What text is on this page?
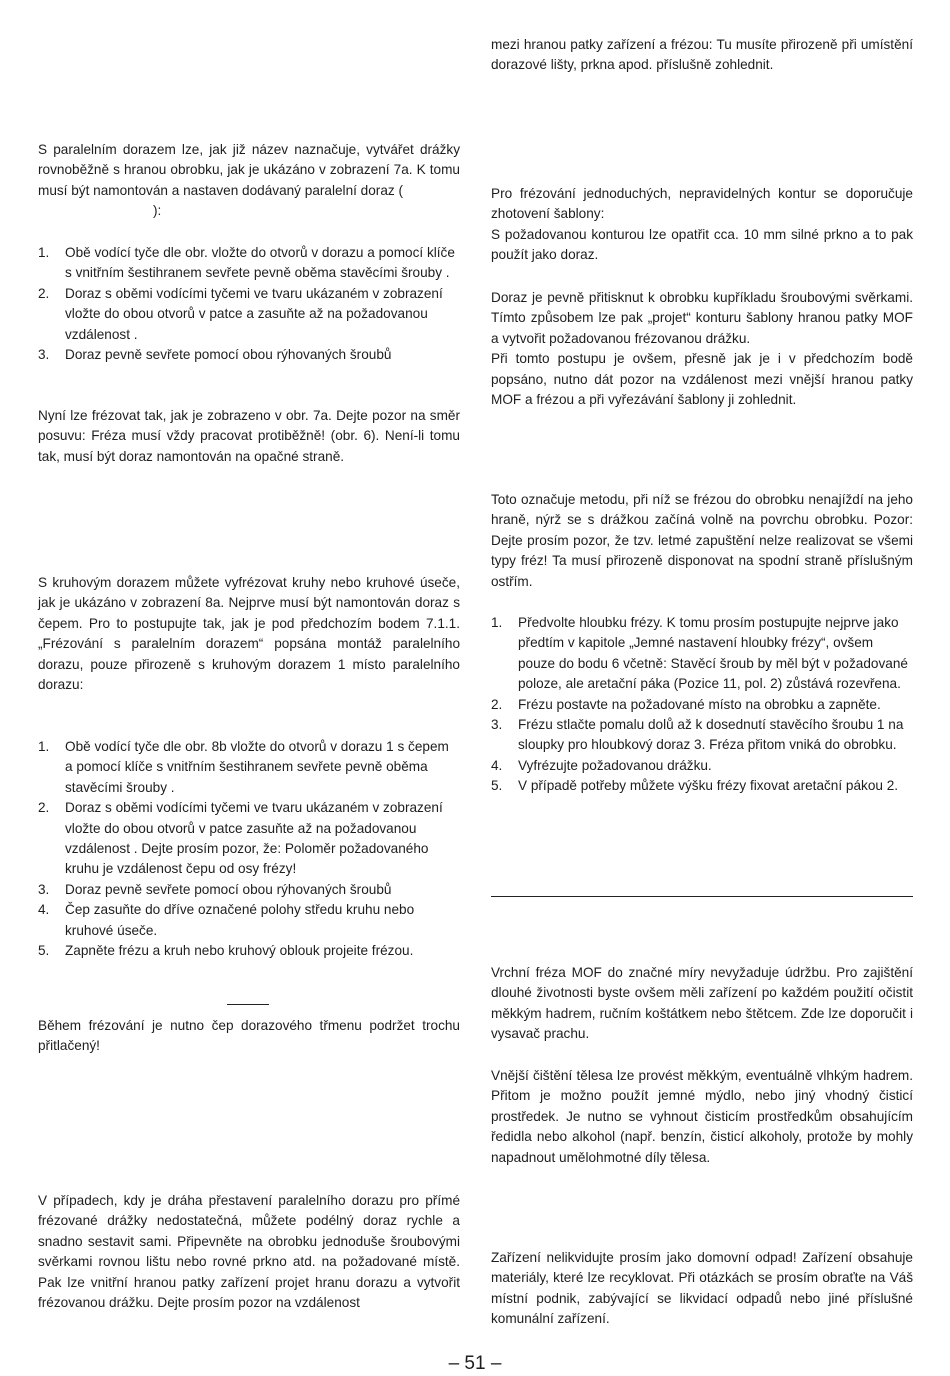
S paralelním dorazem lze, jak již název naznačuje, vytvářet drážky rovnoběžně s hranou obrobku, jak je ukázáno v zobrazení 7a. K tomu musí být namontován a nastaven dodávaný paralelní doraz (

):

1. Obě vodící tyče dle obr. vložte do otvorů v dorazu a pomocí klíče s vnitřním šestihranem sevřete pevně oběma stavěcími šrouby .
2. Doraz s oběmi vodícími tyčemi ve tvaru ukázaném v zobrazení vložte do obou otvorů v patce a zasuňte až na požadovanou vzdálenost .
3. Doraz pevně sevřete pomocí obou rýhovaných šroubů

Nyní lze frézovat tak, jak je zobrazeno v obr. 7a. Dejte pozor na směr posuvu: Fréza musí vždy pracovat protiběžně! (obr. 6). Není-li tomu tak, musí být doraz namontován na opačné straně.

S kruhovým dorazem můžete vyfrézovat kruhy nebo kruhové úseče, jak je ukázáno v zobrazení 8a. Nejprve musí být namontován doraz s čepem. Pro to postupujte tak, jak je pod předchozím bodem 7.1.1. „Frézování s paralelním dorazem“ popsána montáž paralelního dorazu, pouze přirozeně s kruhovým dorazem 1 místo paralelního dorazu:

1. Obě vodící tyče dle obr. 8b vložte do otvorů v dorazu 1 s čepem a pomocí klíče s vnitřním šestihranem sevřete pevně oběma stavěcími šrouby .
2. Doraz s oběmi vodícími tyčemi ve tvaru ukázaném v zobrazení vložte do obou otvorů v patce zasuňte až na požadovanou vzdálenost . Dejte prosím pozor, že: Poloměr požadovaného kruhu je vzdálenost čepu od osy frézy!
3. Doraz pevně sevřete pomocí obou rýhovaných šroubů
4. Čep zasuňte do dříve označené polohy středu kruhu nebo kruhové úseče.
5. Zapněte frézu a kruh nebo kruhový oblouk projeite frézou.

Během frézování je nutno čep dorazového třmenu podržet trochu přitlačený!

V případech, kdy je dráha přestavení paralelního dorazu pro přímé frézované drážky nedostatečná, můžete podélný doraz rychle a snadno sestavit sami. Připevněte na obrobku jednoduše šroubovými svěrkami rovnou lištu nebo rovné prkno atd. na požadované místě. Pak lze vnitřní hranou patky zařízení projet hranu dorazu a vytvořit frézovanou drážku. Dejte prosím pozor na vzdálenost

mezi hranou patky zařízení a frézou: Tu musíte přirozeně při umístění dorazové lišty, prkna apod. příslušně zohlednit.

Pro frézování jednoduchých, nepravidelných kontur se doporučuje zhotovení šablony:

S požadovanou konturou lze opatřit cca. 10 mm silné prkno a to pak použít jako doraz.

Doraz je pevně přitisknut k obrobku kupříkladu šroubovými svěrkami. Tímto způsobem lze pak „projet“ konturu šablony hranou patky MOF a vytvořit požadovanou frézovanou drážku.

Při tomto postupu je ovšem, přesně jak je i v předchozím bodě popsáno, nutno dát pozor na vzdálenost mezi vnější hranou patky MOF a frézou a při vyřezávání šablony ji zohlednit.

Toto označuje metodu, při níž se frézou do obrobku nenajíždí na jeho hraně, nýrž se s drážkou začíná volně na povrchu obrobku. Pozor: Dejte prosím pozor, že tzv. letmé zapuštění nelze realizovat se všemi typy fréz! Ta musí přirozeně disponovat na spodní straně příslušným ostřím.

1. Předvolte hloubku frézy. K tomu prosím postupujte nejprve jako předtím v kapitole „Jemné nastavení hloubky frézy“, ovšem pouze do bodu 6 včetně: Stavěcí šroub by měl být v požadované poloze, ale aretační páka (Pozice 11, pol. 2) zůstává rozevřena.
2. Frézu postavte na požadované místo na obrobku a zapněte.
3. Frézu stlačte pomalu dolů až k dosednutí stavěcího šroubu 1 na sloupky pro hloubkový doraz 3. Fréza přitom vniká do obrobku.
4. Vyfrézujte požadovanou drážku.
5. V případě potřeby můžete výšku frézy fixovat aretační pákou 2.

Vrchní fréza MOF do značné míry nevyžaduje údržbu. Pro zajištění dlouhé životnosti byste ovšem měli zařízení po každém použití očistit měkkým hadrem, ručním koštátkem nebo štětcem. Zde lze doporučit i vysavač prachu.

Vnější čištění tělesa lze provést měkkým, eventuálně vlhkým hadrem. Přitom je možno použít jemné mýdlo, nebo jiný vhodný čisticí prostředek. Je nutno se vyhnout čisticím prostředkům obsahujícím ředidla nebo alkohol (např. benzín, čisticí alkoholy, protože by mohly napadnout umělohmotné díly tělesa.

Zařízení nelikvidujte prosím jako domovní odpad! Zařízení obsahuje materiály, které lze recyklovat. Při otázkách se prosím obraťte na Váš místní podnik, zabývající se likvidací odpadů nebo jiné příslušné komunální zařízení.

– 51 –
